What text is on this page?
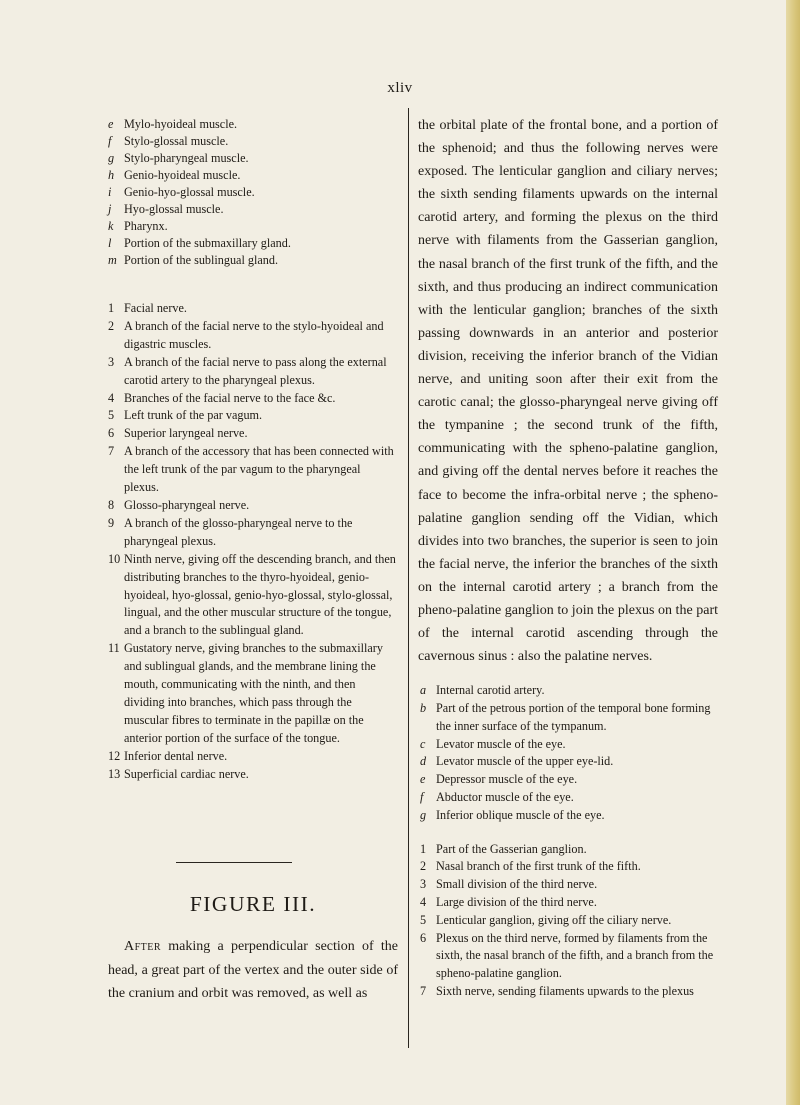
xliv
e Mylo-hyoideal muscle.
f Stylo-glossal muscle.
g Stylo-pharyngeal muscle.
h Genio-hyoideal muscle.
i Genio-hyo-glossal muscle.
j Hyo-glossal muscle.
k Pharynx.
l Portion of the submaxillary gland.
m Portion of the sublingual gland.
1 Facial nerve.
2 A branch of the facial nerve to the stylo-hyoideal and digastric muscles.
3 A branch of the facial nerve to pass along the external carotid artery to the pharyngeal plexus.
4 Branches of the facial nerve to the face &c.
5 Left trunk of the par vagum.
6 Superior laryngeal nerve.
7 A branch of the accessory that has been connected with the left trunk of the par vagum to the pharyngeal plexus.
8 Glosso-pharyngeal nerve.
9 A branch of the glosso-pharyngeal nerve to the pharyngeal plexus.
10 Ninth nerve, giving off the descending branch, and then distributing branches to the thyro-hyoideal, genio-hyoideal, hyo-glossal, genio-hyo-glossal, stylo-glossal, lingual, and the other muscular structure of the tongue, and a branch to the sublingual gland.
11 Gustatory nerve, giving branches to the submaxillary and sublingual glands, and the membrane lining the mouth, communicating with the ninth, and then dividing into branches, which pass through the muscular fibres to terminate in the papillæ on the anterior portion of the surface of the tongue.
12 Inferior dental nerve.
13 Superficial cardiac nerve.
FIGURE III.

After making a perpendicular section of the head, a great part of the vertex and the outer side of the cranium and orbit was removed, as well as

the orbital plate of the frontal bone, and a portion of the sphenoid; and thus the following nerves were exposed. The lenticular ganglion and ciliary nerves; the sixth sending filaments upwards on the internal carotid artery, and forming the plexus on the third nerve with filaments from the Gasserian ganglion, the nasal branch of the first trunk of the fifth, and the sixth, and thus producing an indirect communication with the lenticular ganglion; branches of the sixth passing downwards in an anterior and posterior division, receiving the inferior branch of the Vidian nerve, and uniting soon after their exit from the carotic canal; the glosso-pharyngeal nerve giving off the tympanine ; the second trunk of the fifth, communicating with the spheno-palatine ganglion, and giving off the dental nerves before it reaches the face to become the infra-orbital nerve ; the spheno-palatine ganglion sending off the Vidian, which divides into two branches, the superior is seen to join the facial nerve, the inferior the branches of the sixth on the internal carotid artery ; a branch from the pheno-palatine ganglion to join the plexus on the part of the internal carotid ascending through the cavernous sinus : also the palatine nerves.

a Internal carotid artery.
b Part of the petrous portion of the temporal bone forming the inner surface of the tympanum.
c Levator muscle of the eye.
d Levator muscle of the upper eye-lid.
e Depressor muscle of the eye.
f Abductor muscle of the eye.
g Inferior oblique muscle of the eye.
1 Part of the Gasserian ganglion.
2 Nasal branch of the first trunk of the fifth.
3 Small division of the third nerve.
4 Large division of the third nerve.
5 Lenticular ganglion, giving off the ciliary nerve.
6 Plexus on the third nerve, formed by filaments from the sixth, the nasal branch of the fifth, and a branch from the spheno-palatine ganglion.
7 Sixth nerve, sending filaments upwards to the plexus
